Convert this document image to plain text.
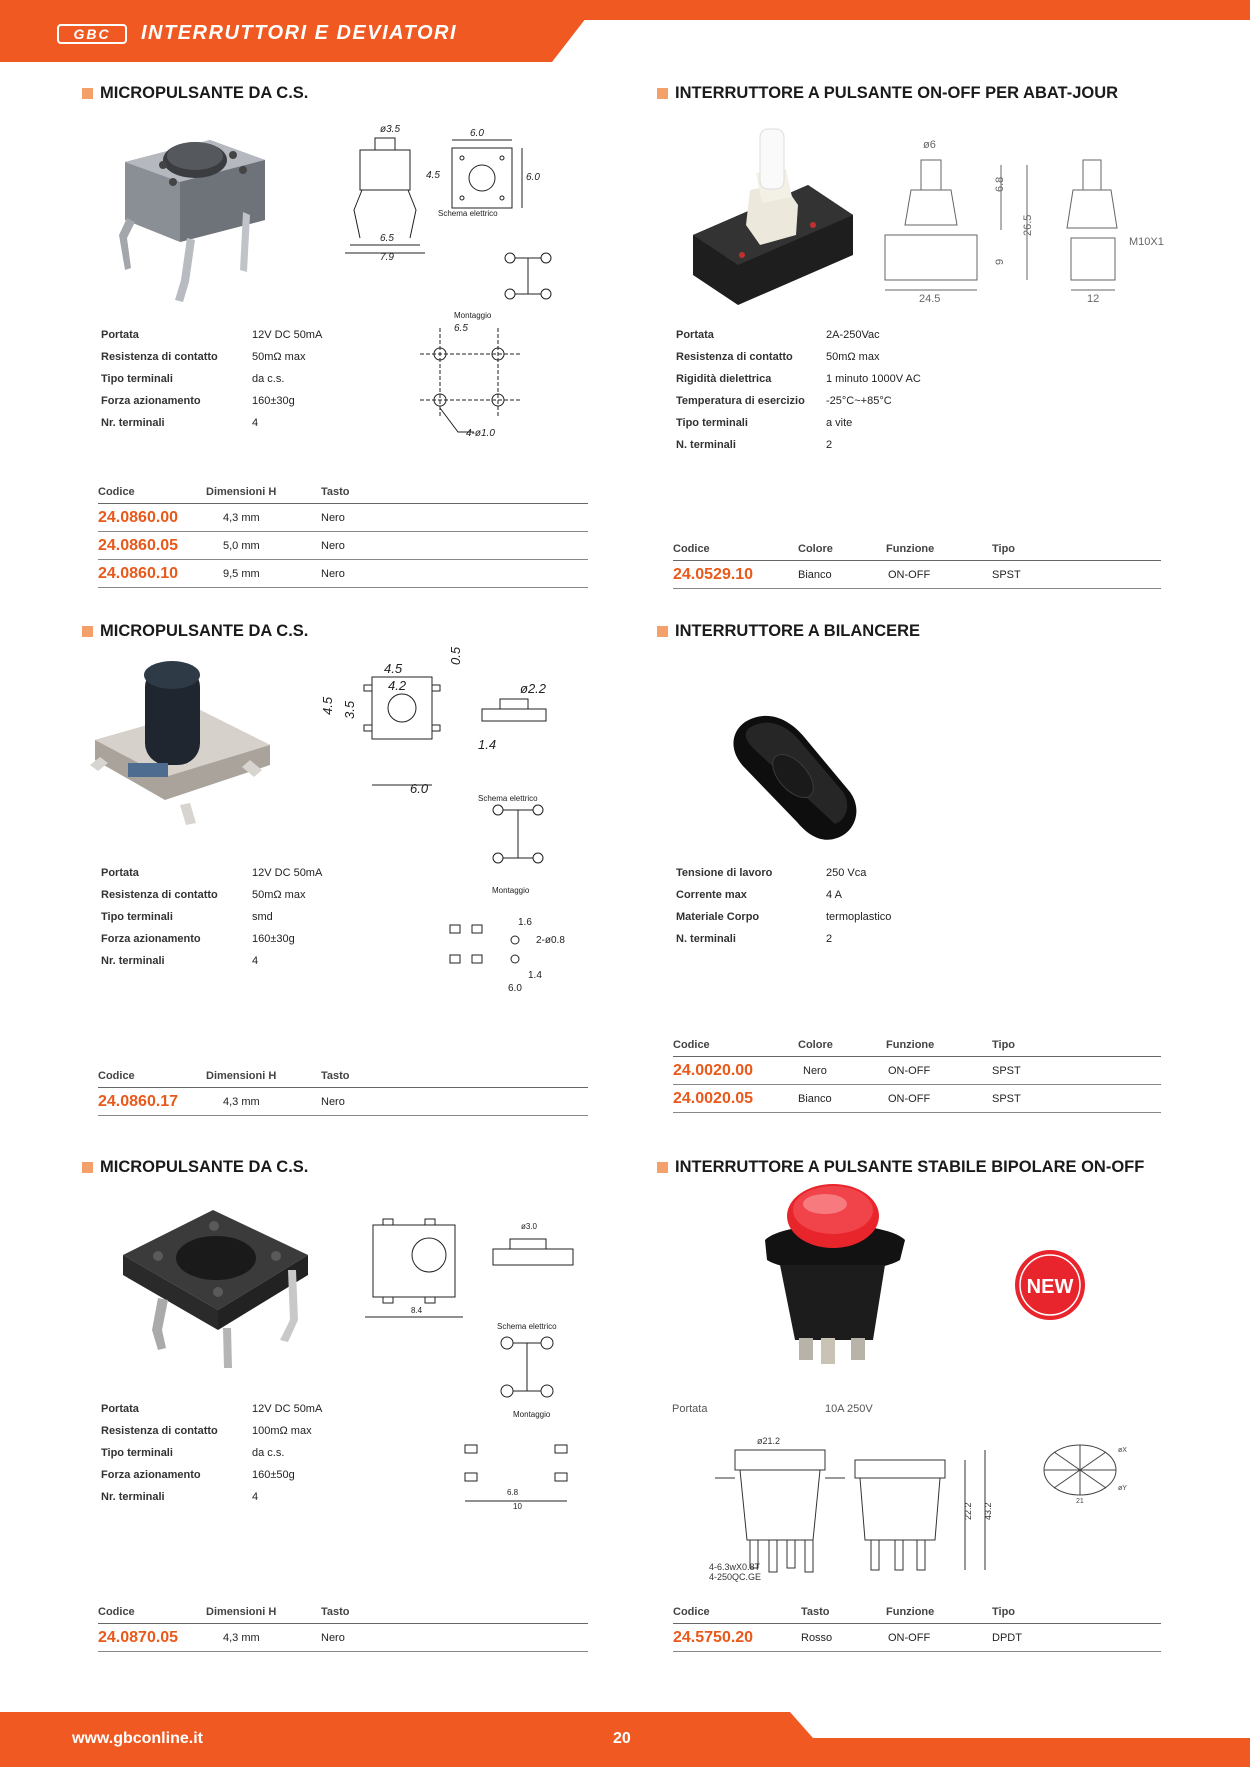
GBC	INTERRUTTORI E DEVIATORI
MICROPULSANTE DA C.S.
ø3.5
6.5
7.9
6.0
4.5	6.0
6.5
4-ø1.0
Schema elettrico
Montaggio
Portata	12V DC 50mA
Resistenza di contatto	50mΩ max
Tipo terminali	da c.s.
Forza azionamento	160±30g
Nr. terminali	4
Codice	Dimensioni H	Tasto
24.0860.00	4,3 mm	Nero
24.0860.05	5,0 mm	Nero
24.0860.10	9,5 mm	Nero
INTERRUTTORE A PULSANTE ON-OFF PER ABAT-JOUR
ø6
6.8
26.5
9
24.5	12
M10X1
Portata	2A-250Vac
Resistenza di contatto	50mΩ max
Rigidità dielettrica	1 minuto 1000V AC
Temperatura di esercizio	-25°C~+85°C
Tipo terminali	a vite
N. terminali	2
Codice	Colore	Funzione	Tipo
24.0529.10	Bianco	ON-OFF	SPST
MICROPULSANTE DA C.S.
4.5
4.2
6.0
ø2.2
1.4
4.5 3.5
0.5
2-ø0.8
6.0
1.4
1.6
Schema elettrico
Montaggio
Portata	12V DC 50mA
Resistenza di contatto	50mΩ max
Tipo terminali	smd
Forza azionamento	160±30g
Nr. terminali	4
Codice	Dimensioni H	Tasto
24.0860.17	4,3 mm	Nero
INTERRUTTORE A BILANCERE
Tensione di lavoro	250 Vca
Corrente max	4 A
Materiale Corpo	termoplastico
N. terminali	2
Codice	Colore	Funzione	Tipo
24.0020.00	Nero	ON-OFF	SPST
24.0020.05	Bianco	ON-OFF	SPST
MICROPULSANTE DA C.S.
ø3.0
8.4
6.8
10
Schema elettrico
Montaggio
Portata	12V DC 50mA
Resistenza di contatto	100mΩ max
Tipo terminali	da c.s.
Forza azionamento	160±50g
Nr. terminali	4
Codice	Dimensioni H	Tasto
24.0870.05	4,3 mm	Nero
INTERRUTTORE A PULSANTE STABILE BIPOLARE ON-OFF
NEW
Portata	10A 250V
ø21.2
4-6.3wX0.8T
4-250QC.GE
22.2 43.2
øX
øY
21
Codice	Tasto	Funzione	Tipo
24.5750.20	Rosso	ON-OFF	DPDT
www.gbconline.it	20
